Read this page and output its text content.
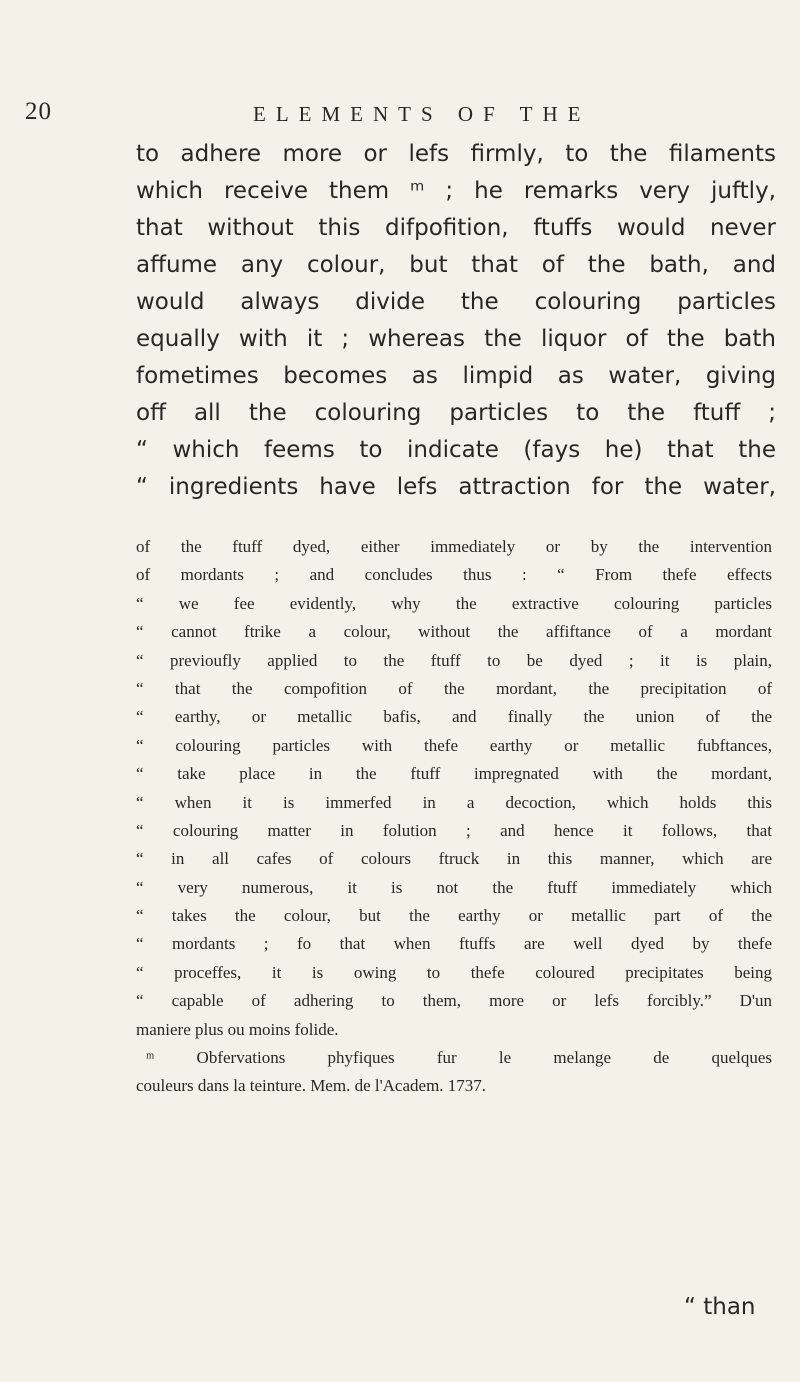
20	ELEMENTS OF THE
to adhere more or lefs firmly, to the filaments
which receive them ᵐ ; he remarks very juftly,
that without this difpofition, ftuffs would never
affume any colour, but that of the bath, and
would always divide the colouring particles
equally with it ; whereas the liquor of the bath
fometimes becomes as limpid as water, giving
off all the colouring particles to the ftuff ;
“ which feems to indicate (fays he) that the
“ ingredients have lefs attraction for the water,
of the ftuff dyed, either immediately or by the intervention
of mordants ; and concludes thus : “ From thefe effects
“ we fee evidently, why the extractive colouring particles
“ cannot ftrike a colour, without the affiftance of a mordant
“ previoufly applied to the ftuff to be dyed ; it is plain,
“ that the compofition of the mordant, the precipitation of
“ earthy, or metallic bafis, and finally the union of the
“ colouring particles with thefe earthy or metallic fubftances,
“ take place in the ftuff impregnated with the mordant,
“ when it is immerfed in a decoction, which holds this
“ colouring matter in folution ; and hence it follows, that
“ in all cafes of colours ftruck in this manner, which are
“ very numerous, it is not the ftuff immediately which
“ takes the colour, but the earthy or metallic part of the
“ mordants ; fo that when ftuffs are well dyed by thefe
“ proceffes, it is owing to thefe coloured precipitates being
“ capable of adhering to them, more or lefs forcibly.” D'un
maniere plus ou moins folide.
ᵐ Obfervations phyfiques fur le melange de quelques
couleurs dans la teinture. Mem. de l'Academ. 1737.
“ than
